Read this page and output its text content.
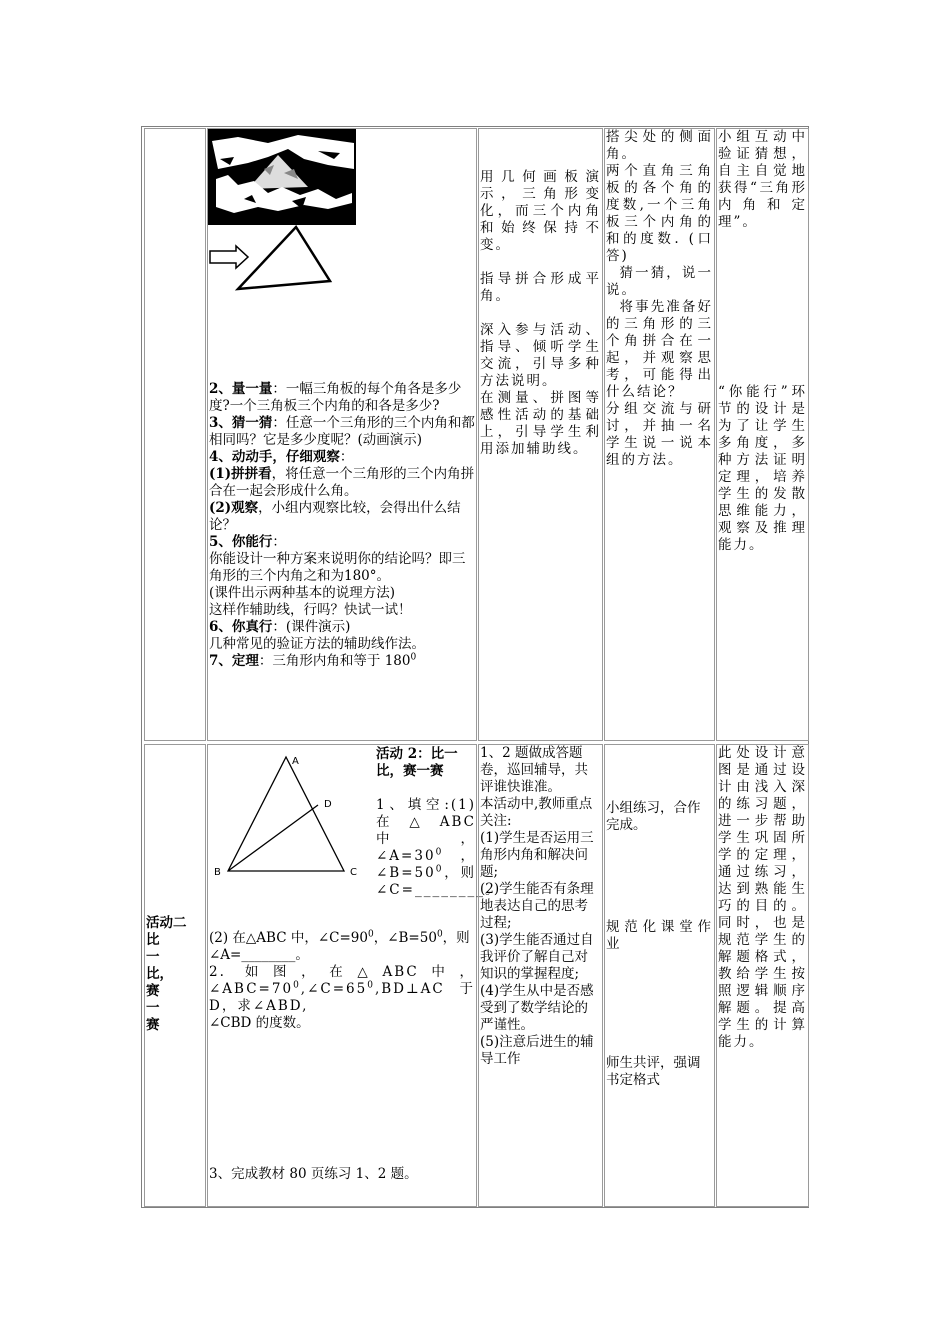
2、量一量：一幅三角板的每个角各是多少度?一个三角板三个内角的和各是多少?
3、猜一猜：任意一个三角形的三个内角和都相同吗？它是多少度呢？(动画演示)
4、动动手，仔细观察：
(1)拼拼看，将任意一个三角形的三个内角拼合在一起会形成什么角。
(2)观察，小组内观察比较，会得出什么结论？
5、你能行：
你能设计一种方案来说明你的结论吗？即三角形的三个内角之和为180°。
(课件出示两种基本的说理方法)
这样作辅助线，行吗？快试一试！
6、你真行：(课件演示)
几种常见的验证方法的辅助线作法。
7、定理：三角形内角和等于 $180^0$
用几何画板演示，三角形变化，而三个内角和始终保持不变。
指导拼合形成平角。
深入参与活动、指导、倾听学生交流，引导多种方法说明。
在测量、拼图等感性活动的基础上，引导学生利用添加辅助线。
搭尖处的侧面角。
两个直角三角板的各个角的度数,一个三角板三个内角的和的度数. (口答)
猜一猜，说一说。
将事先准备好的三角形的三个角拼合在一起，并观察思考，可能得出什么结论？
分组交流与研讨，并抽一名学生说一说本组的方法。
小组互动中验证猜想，自主自觉地获得“三角形内角和定理”。
“你能行”环节的设计是为了让学生多角度，多种方法证明定理，培养学生的发散思维能力，观察及推理能力。
活动二
比
一
比，
赛
一
赛
A
B	C
D
活动 2：比一比，赛一赛
1、填空:(1) 在△ABC 中，$\angle A=30^0$，$\angle B=50^0$，则∠C=________。
(2) 在△ABC 中，$\angle C=90^0$，$\angle B=50^0$，则∠A=________。
2. 如图，在△ABC中，$\angle ABC=70^0,\angle C=65^0,BD\perp AC$ 于 D，求∠ABD,
∠CBD 的度数。
3、完成教材 80 页练习 1、2 题。
1、2 题做成答题卷，巡回辅导，共评谁快谁准。
本活动中,教师重点关注:
(1)学生是否运用三角形内角和解决问题;
(2)学生能否有条理地表达自己的思考过程;
(3)学生能否通过自我评价了解自己对知识的掌握程度;
(4)学生从中是否感受到了数学结论的严谨性。
(5)注意后进生的辅导工作
小组练习，合作完成。
规范化课堂作业
师生共评，强调书定格式
此处设计意图是通过设计由浅入深的练习题，进一步帮助学生巩固所学的定理，通过练习，达到熟能生巧的目的。同时，也是规范学生的解题格式，教给学生按照逻辑顺序解题。提高学生的计算能力。
